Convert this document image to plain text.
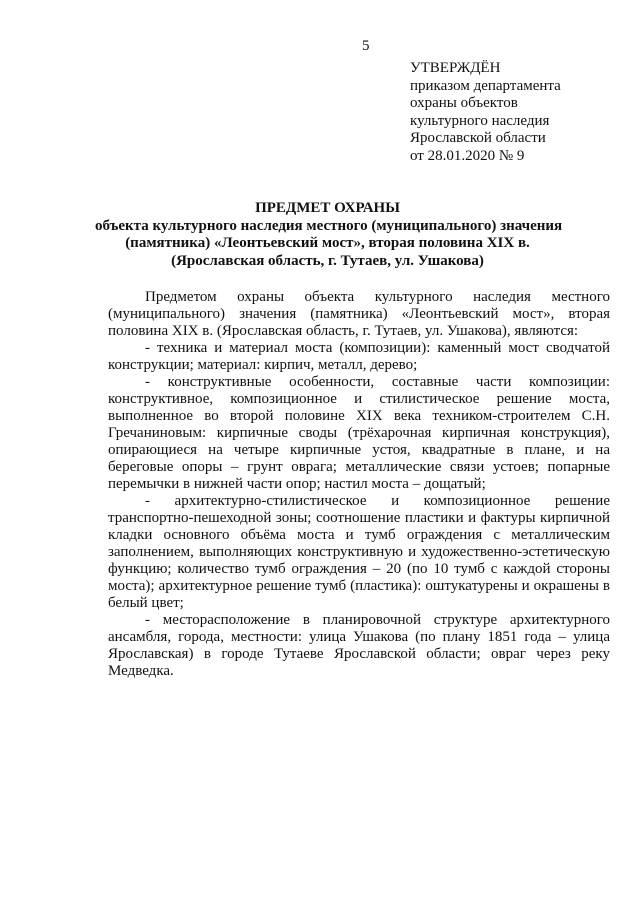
5
УТВЕРЖДЁН
приказом департамента
охраны объектов
культурного наследия
Ярославской области
от 28.01.2020 № 9
ПРЕДМЕТ ОХРАНЫ
объекта культурного наследия местного (муниципального) значения
(памятника) «Леонтьевский мост», вторая половина XIX в.
(Ярославская область, г. Тутаев, ул. Ушакова)

Предметом охраны объекта культурного наследия местного (муниципального) значения (памятника) «Леонтьевский мост», вторая половина XIX в. (Ярославская область, г. Тутаев, ул. Ушакова), являются:

- техника и материал моста (композиции): каменный мост сводчатой конструкции; материал: кирпич, металл, дерево;

- конструктивные особенности, составные части композиции: конструктивное, композиционное и стилистическое решение моста, выполненное во второй половине XIX века техником-строителем С.Н. Гречаниновым: кирпичные своды (трёхарочная кирпичная конструкция), опирающиеся на четыре кирпичные устоя, квадратные в плане, и на береговые опоры – грунт оврага; металлические связи устоев; попарные перемычки в нижней части опор; настил моста – дощатый;

- архитектурно-стилистическое и композиционное решение транспортно-пешеходной зоны; соотношение пластики и фактуры кирпичной кладки основного объёма моста и тумб ограждения с металлическим заполнением, выполняющих конструктивную и художественно-эстетическую функцию; количество тумб ограждения – 20 (по 10 тумб с каждой стороны моста); архитектурное решение тумб (пластика): оштукатурены и окрашены в белый цвет;

- месторасположение в планировочной структуре архитектурного ансамбля, города, местности: улица Ушакова (по плану 1851 года – улица Ярославская) в городе Тутаеве Ярославской области; овраг через реку Медведка.
